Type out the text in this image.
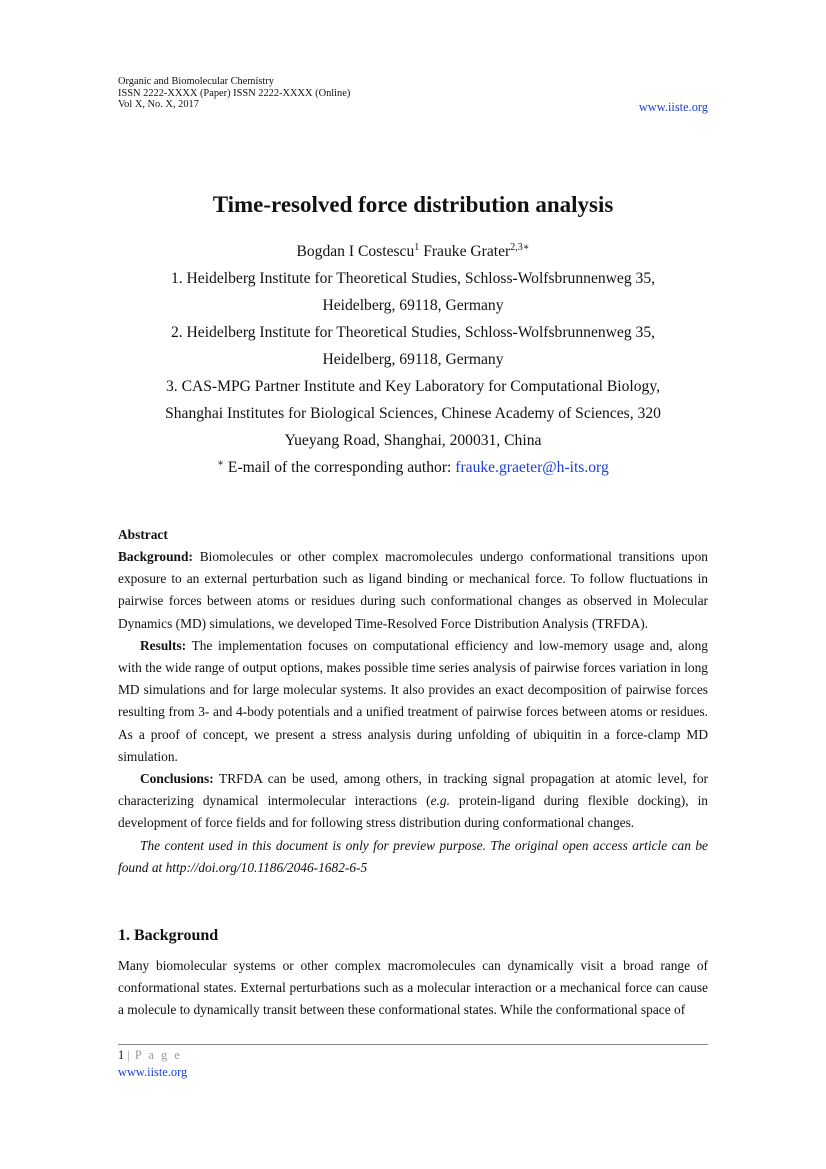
Organic and Biomolecular Chemistry
ISSN 2222-XXXX (Paper) ISSN 2222-XXXX (Online)
Vol X, No. X, 2017	www.iiste.org
Time-resolved force distribution analysis
Bogdan I Costescu$^1$ Frauke Grater$^{2,3∗}$
1. Heidelberg Institute for Theoretical Studies, Schloss-Wolfsbrunnenweg 35,
Heidelberg, 69118, Germany
2. Heidelberg Institute for Theoretical Studies, Schloss-Wolfsbrunnenweg 35,
Heidelberg, 69118, Germany
3. CAS-MPG Partner Institute and Key Laboratory for Computational Biology,
Shanghai Institutes for Biological Sciences, Chinese Academy of Sciences, 320
Yueyang Road, Shanghai, 200031, China
∗ E-mail of the corresponding author: frauke.graeter@h-its.org
Abstract

Background: Biomolecules or other complex macromolecules undergo conformational transitions upon exposure to an external perturbation such as ligand binding or mechanical force. To follow fluctuations in pairwise forces between atoms or residues during such conformational changes as observed in Molecular Dynamics (MD) simulations, we developed Time-Resolved Force Distribution Analysis (TRFDA).

Results: The implementation focuses on computational efficiency and low-memory usage and, along with the wide range of output options, makes possible time series analysis of pairwise forces variation in long MD simulations and for large molecular systems. It also provides an exact decomposition of pairwise forces resulting from 3- and 4-body potentials and a unified treatment of pairwise forces between atoms or residues. As a proof of concept, we present a stress analysis during unfolding of ubiquitin in a force-clamp MD simulation.

Conclusions: TRFDA can be used, among others, in tracking signal propagation at atomic level, for characterizing dynamical intermolecular interactions (e.g. protein-ligand during flexible docking), in development of force fields and for following stress distribution during conformational changes.

The content used in this document is only for preview purpose. The original open access article can be found at http://doi.org/10.1186/2046-1682-6-5

1. Background

Many biomolecular systems or other complex macromolecules can dynamically visit a broad range of conformational states. External perturbations such as a molecular interaction or a mechanical force can cause a molecule to dynamically transit between these conformational states. While the conformational space of

1 | P a g e
www.iiste.org
